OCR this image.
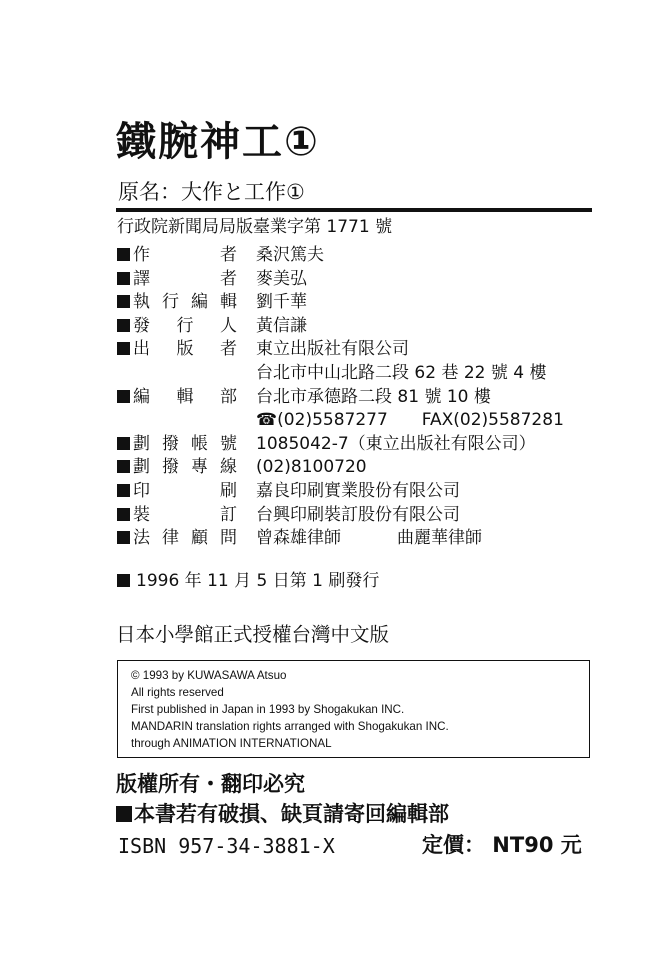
鐵腕神工①
原名：大作と工作①
行政院新聞局局版臺業字第 1771 號
作　者	桑沢篤夫
譯　者	麥美弘
執行編輯	劉千華
發行人	黃信謙
出版者	東立出版社有限公司
台北市中山北路二段 62 巷 22 號 4 樓
編輯部	台北市承德路二段 81 號 10 樓
☎(02)5587277　　FAX(02)5587281
劃撥帳號	1085042-7（東立出版社有限公司）
劃撥專線	(02)8100720
印　刷	嘉良印刷實業股份有限公司
裝　訂	台興印刷裝訂股份有限公司
法律顧問	曾森雄律師	曲麗華律師
1996 年 11 月 5 日第 1 刷發行
日本小學館正式授權台灣中文版
© 1993 by KUWASAWA Atsuo
All rights reserved
First published in Japan in 1993 by Shogakukan INC.
MANDARIN translation rights arranged with Shogakukan INC.
through ANIMATION INTERNATIONAL
版權所有・翻印必究
本書若有破損、缺頁請寄回編輯部
ISBN 957-34-3881-X	定價： NT90 元
